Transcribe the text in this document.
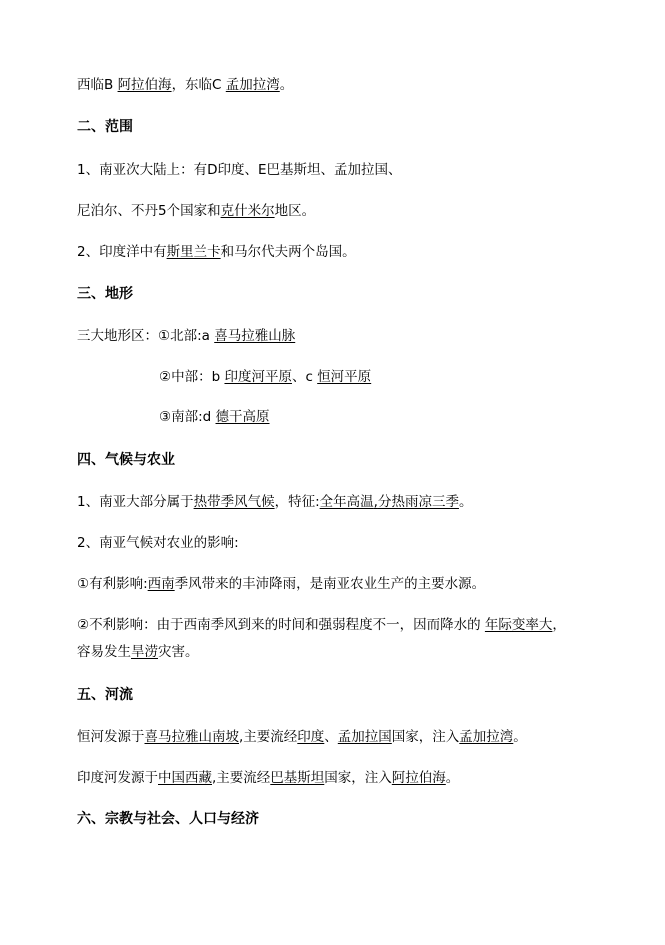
西临B 阿拉伯海，东临C 孟加拉湾。
二、范围
1、南亚次大陆上：有D印度、E巴基斯坦、孟加拉国、
尼泊尔、不丹5个国家和克什米尔地区。
2、印度洋中有斯里兰卡和马尔代夫两个岛国。
三、地形
三大地形区：①北部:a 喜马拉雅山脉
②中部：b 印度河平原、c 恒河平原
③南部:d 德干高原
四、气候与农业
1、南亚大部分属于热带季风气候，特征:全年高温,分热雨凉三季。
2、南亚气候对农业的影响:
①有利影响:西南季风带来的丰沛降雨，是南亚农业生产的主要水源。
②不利影响：由于西南季风到来的时间和强弱程度不一，因而降水的 年际变率大，
容易发生旱涝灾害。
五、河流
恒河发源于喜马拉雅山南坡,主要流经印度、孟加拉国国家，注入孟加拉湾。
印度河发源于中国西藏,主要流经巴基斯坦国家，注入阿拉伯海。
六、宗教与社会、人口与经济
